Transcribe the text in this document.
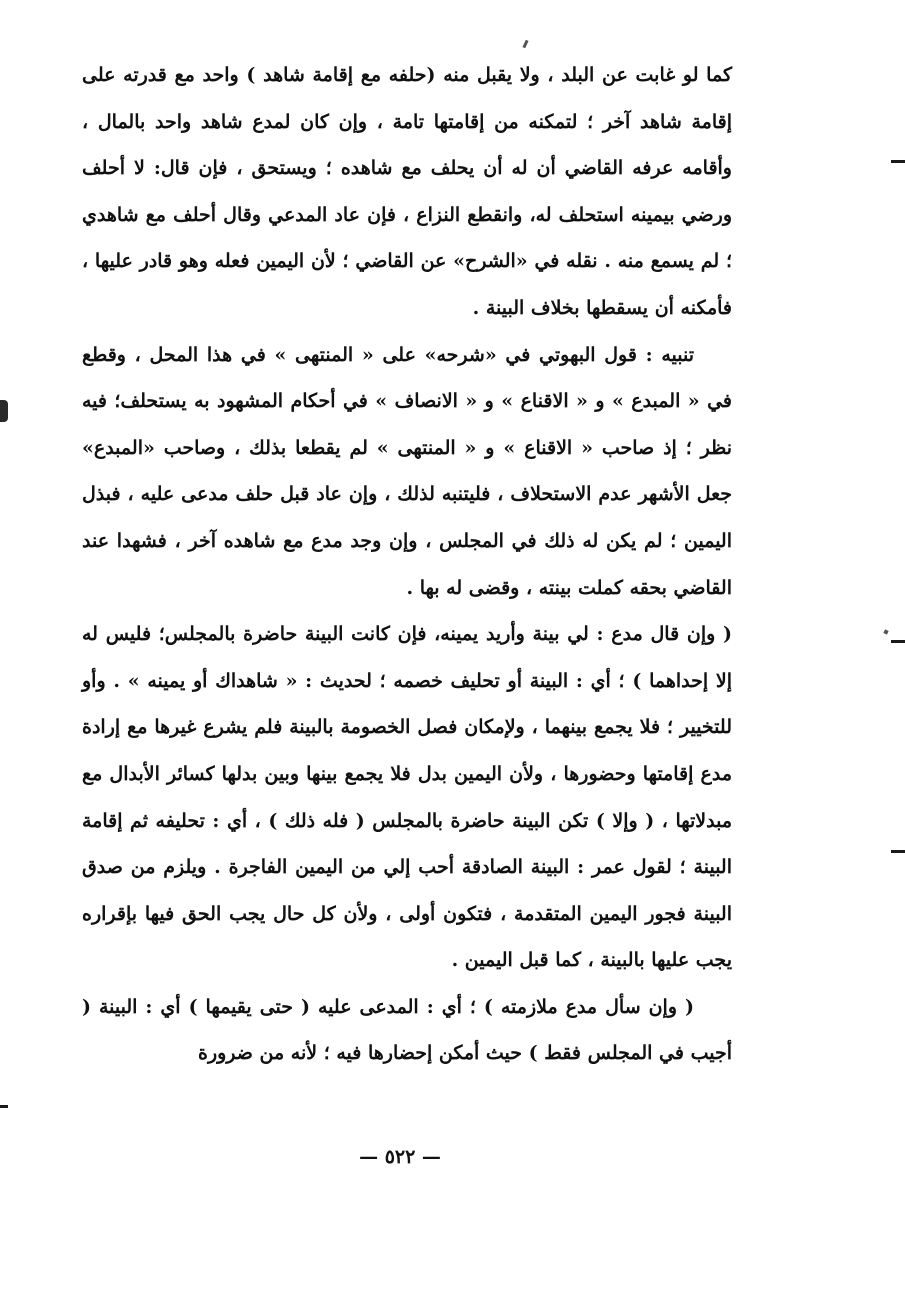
كما لو غابت عن البلد ، ولا يقبل منه (حلفه مع إقامة شاهد ) واحد مع قدرته على إقامة شاهد آخر ؛ لتمكنه من إقامتها تامة ، وإن كان لمدع شاهد واحد بالمال ، وأقامه عرفه القاضي أن له أن يحلف مع شاهده ؛ ويستحق ، فإن قال: لا أحلف ورضي بيمينه استحلف له، وانقطع النزاع ، فإن عاد المدعي وقال أحلف مع شاهدي ؛ لم يسمع منه . نقله في «الشرح» عن القاضي ؛ لأن اليمين فعله وهو قادر عليها ، فأمكنه أن يسقطها بخلاف البينة .

تنبيه : قول البهوتي في «شرحه» على « المنتهى » في هذا المحل ، وقطع في « المبدع » و « الاقناع » و « الانصاف » في أحكام المشهود به يستحلف؛ فيه نظر ؛ إذ صاحب « الاقناع » و « المنتهى » لم يقطعا بذلك ، وصاحب «المبدع» جعل الأشهر عدم الاستحلاف ، فليتنبه لذلك ، وإن عاد قبل حلف مدعى عليه ، فبذل اليمين ؛ لم يكن له ذلك في المجلس ، وإن وجد مدع مع شاهده آخر ، فشهدا عند القاضي بحقه كملت بينته ، وقضى له بها .

( وإن قال مدع : لي بينة وأريد يمينه، فإن كانت البينة حاضرة بالمجلس؛ فليس له إلا إحداهما ) ؛ أي : البينة أو تحليف خصمه ؛ لحديث : « شاهداك أو يمينه » . وأو للتخيير ؛ فلا يجمع بينهما ، ولإمكان فصل الخصومة بالبينة فلم يشرع غيرها مع إرادة مدع إقامتها وحضورها ، ولأن اليمين بدل فلا يجمع بينها وبين بدلها كسائر الأبدال مع مبدلاتها ، ( وإلا ) تكن البينة حاضرة بالمجلس ( فله ذلك ) ، أي : تحليفه ثم إقامة البينة ؛ لقول عمر : البينة الصادقة أحب إلي من اليمين الفاجرة . ويلزم من صدق البينة فجور اليمين المتقدمة ، فتكون أولى ، ولأن كل حال يجب الحق فيها بإقراره يجب عليها بالبينة ، كما قبل اليمين .

( وإن سأل مدع ملازمته ) ؛ أي : المدعى عليه ( حتى يقيمها ) أي : البينة ( أجيب في المجلس فقط ) حيث أمكن إحضارها فيه ؛ لأنه من ضرورة

— ٥٢٢ —
